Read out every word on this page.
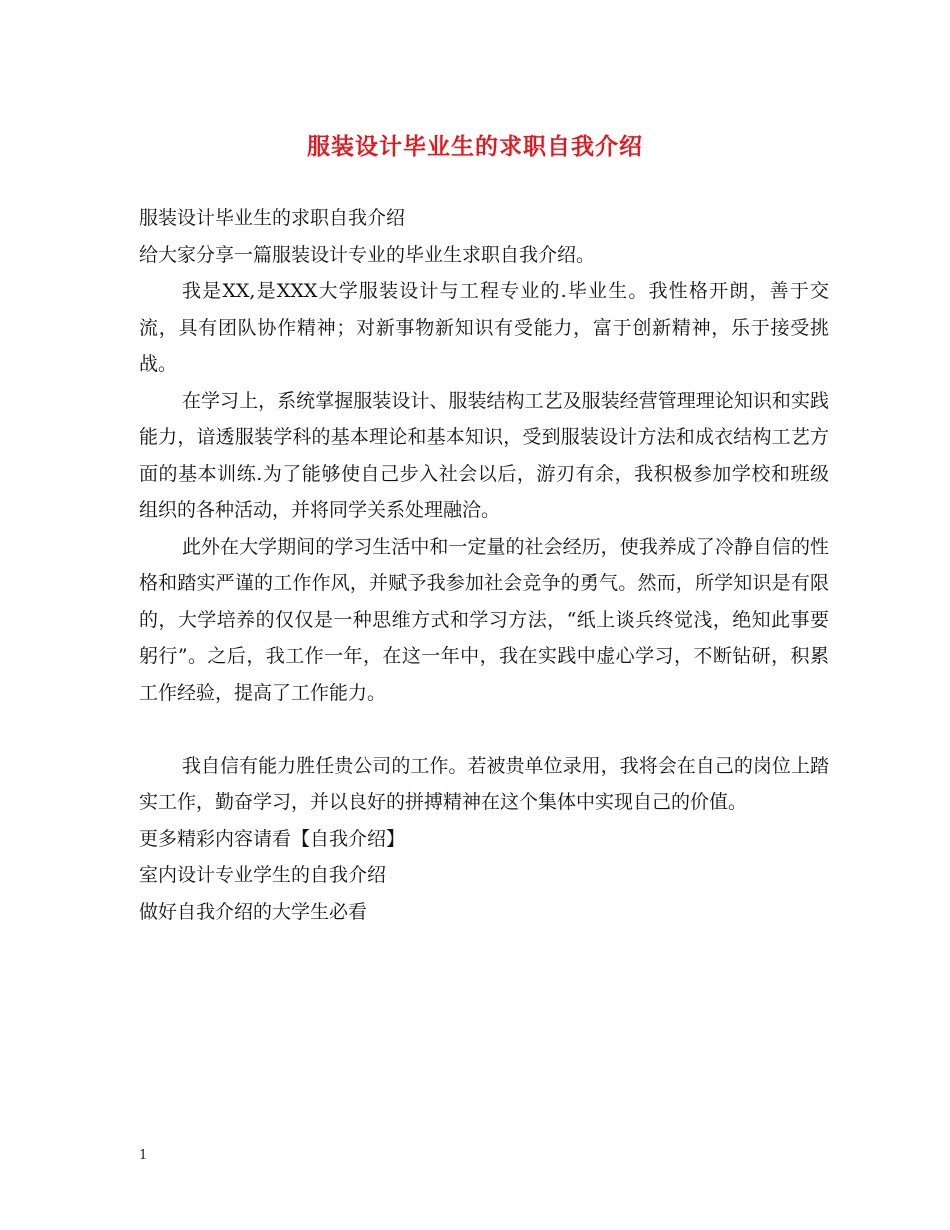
服装设计毕业生的求职自我介绍

服装设计毕业生的求职自我介绍

给大家分享一篇服装设计专业的毕业生求职自我介绍。

我是XX,是XXX大学服装设计与工程专业的.毕业生。我性格开朗，善于交流，具有团队协作精神；对新事物新知识有受能力，富于创新精神，乐于接受挑战。

在学习上，系统掌握服装设计、服装结构工艺及服装经营管理理论知识和实践能力，谙透服装学科的基本理论和基本知识，受到服装设计方法和成衣结构工艺方面的基本训练.为了能够使自己步入社会以后，游刃有余，我积极参加学校和班级组织的各种活动，并将同学关系处理融洽。

此外在大学期间的学习生活中和一定量的社会经历，使我养成了冷静自信的性格和踏实严谨的工作作风，并赋予我参加社会竞争的勇气。然而，所学知识是有限的，大学培养的仅仅是一种思维方式和学习方法，“纸上谈兵终觉浅，绝知此事要躬行”。之后，我工作一年，在这一年中，我在实践中虚心学习，不断钻研，积累工作经验，提高了工作能力。

我自信有能力胜任贵公司的工作。若被贵单位录用，我将会在自己的岗位上踏实工作，勤奋学习，并以良好的拼搏精神在这个集体中实现自己的价值。

更多精彩内容请看【自我介绍】

室内设计专业学生的自我介绍

做好自我介绍的大学生必看

1
